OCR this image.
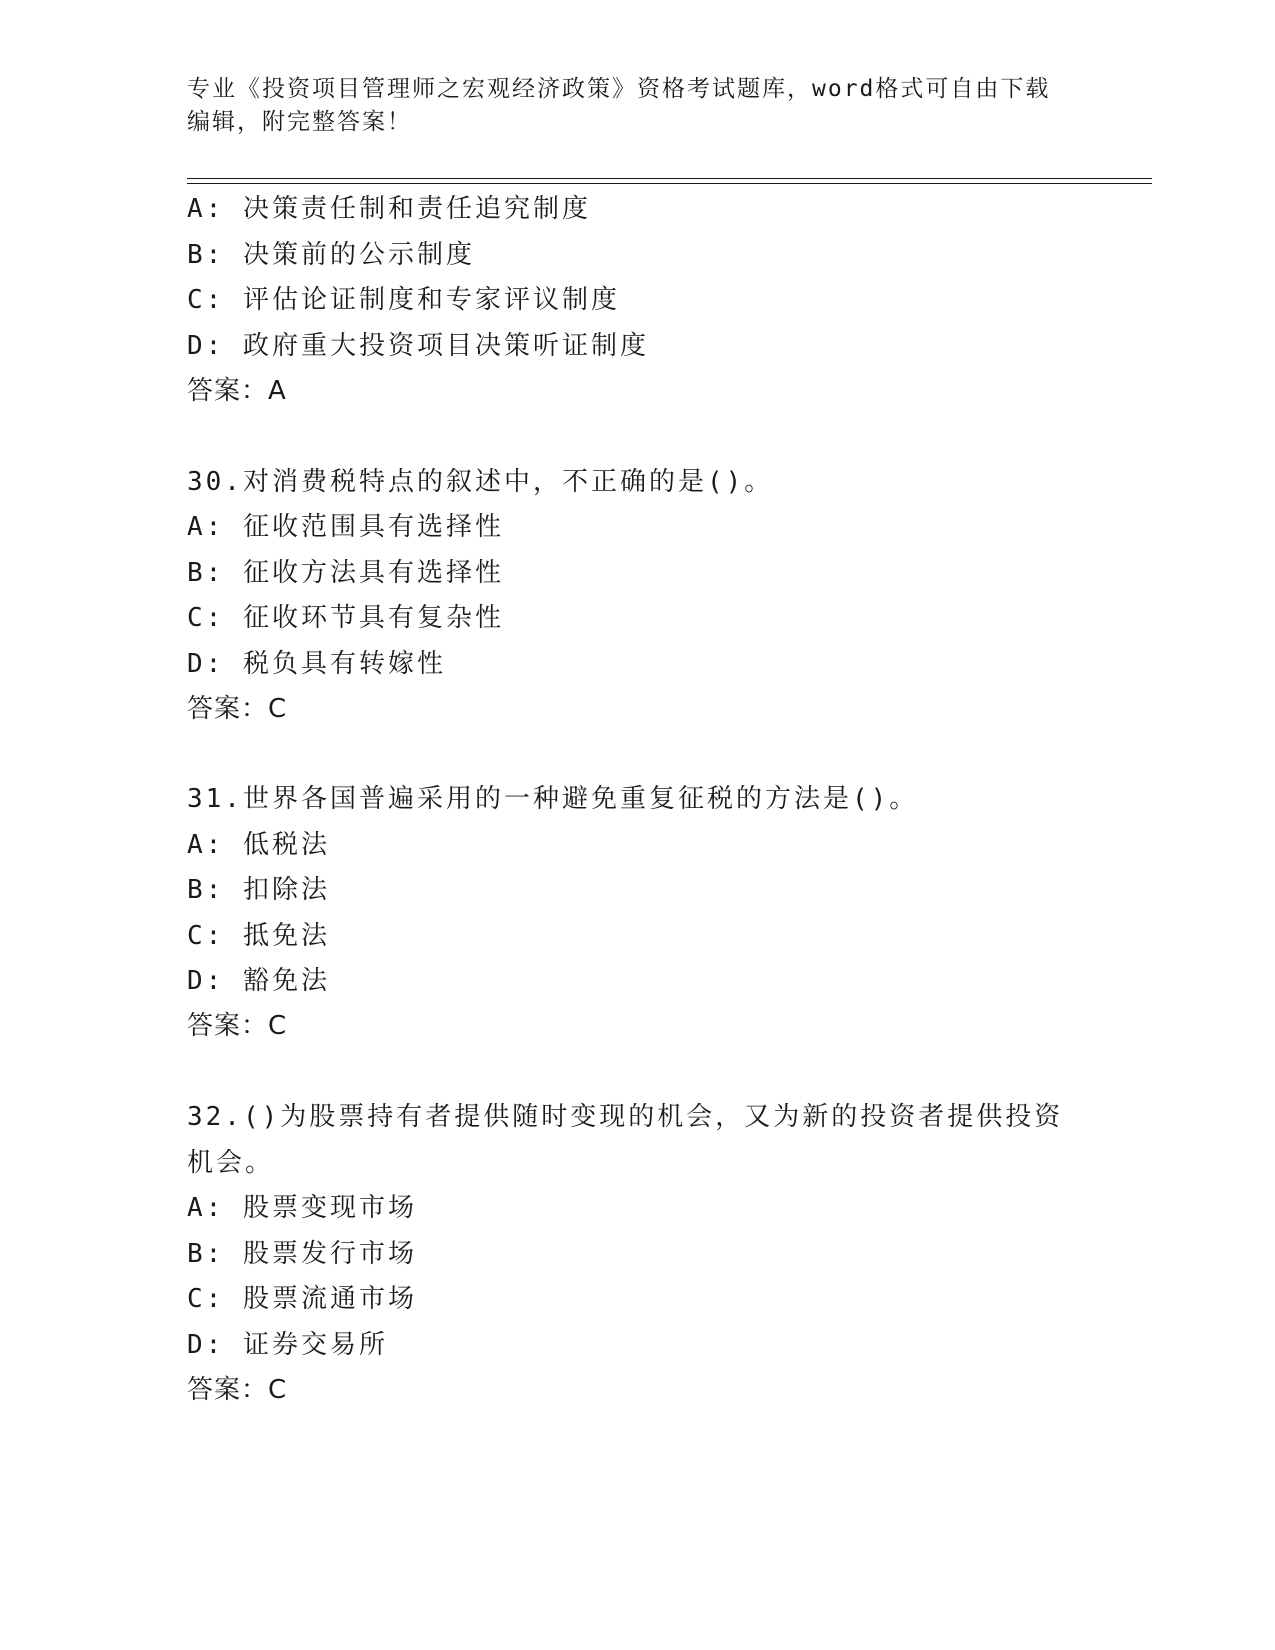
专业《投资项目管理师之宏观经济政策》资格考试题库，word格式可自由下载编辑，附完整答案！
A: 决策责任制和责任追究制度
B: 决策前的公示制度
C: 评估论证制度和专家评议制度
D: 政府重大投资项目决策听证制度
答案：A
30.对消费税特点的叙述中，不正确的是()。
A: 征收范围具有选择性
B: 征收方法具有选择性
C: 征收环节具有复杂性
D: 税负具有转嫁性
答案：C
31.世界各国普遍采用的一种避免重复征税的方法是()。
A: 低税法
B: 扣除法
C: 抵免法
D: 豁免法
答案：C
32.()为股票持有者提供随时变现的机会，又为新的投资者提供投资机会。
A: 股票变现市场
B: 股票发行市场
C: 股票流通市场
D: 证券交易所
答案：C
